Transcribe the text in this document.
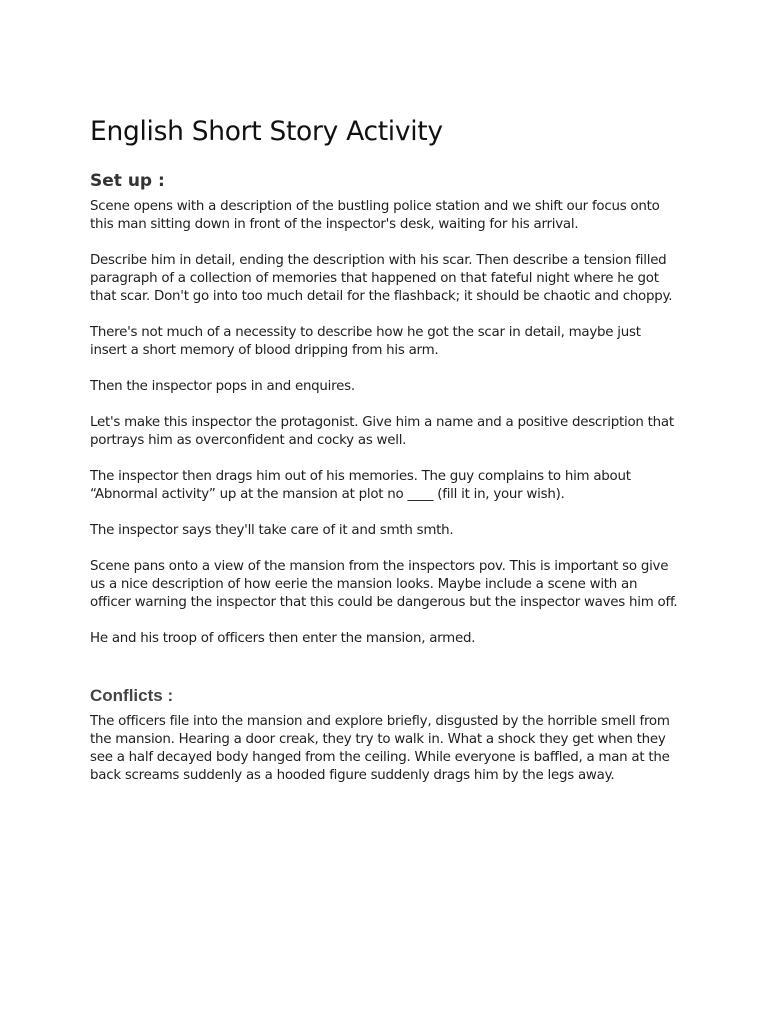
English Short Story Activity
Set up :

Scene opens with a description of the bustling police station and we shift our focus onto this man sitting down in front of the inspector's desk, waiting for his arrival.

Describe him in detail, ending the description with his scar. Then describe a tension filled paragraph of a collection of memories that happened on that fateful night where he got that scar. Don't go into too much detail for the flashback; it should be chaotic and choppy.

There's not much of a necessity to describe how he got the scar in detail, maybe just insert a short memory of blood dripping from his arm.

Then the inspector pops in and enquires.

Let's make this inspector the protagonist. Give him a name and a positive description that portrays him as overconfident and cocky as well.

The inspector then drags him out of his memories. The guy complains to him about “Abnormal activity” up at the mansion at plot no ____ (fill it in, your wish).

The inspector says they'll take care of it and smth smth.

Scene pans onto a view of the mansion from the inspectors pov. This is important so give us a nice description of how eerie the mansion looks. Maybe include a scene with an officer warning the inspector that this could be dangerous but the inspector waves him off.

He and his troop of officers then enter the mansion, armed.

Conflicts :

The officers file into the mansion and explore briefly, disgusted by the horrible smell from the mansion. Hearing a door creak, they try to walk in. What a shock they get when they see a half decayed body hanged from the ceiling. While everyone is baffled, a man at the back screams suddenly as a hooded figure suddenly drags him by the legs away.
